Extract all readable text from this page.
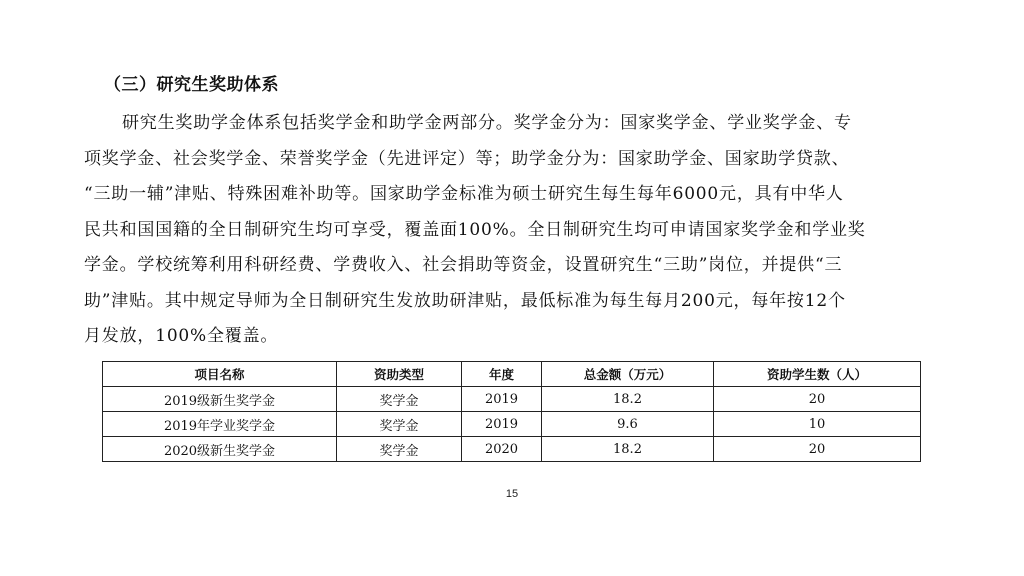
（三）研究生奖助体系
研究生奖助学金体系包括奖学金和助学金两部分。奖学金分为：国家奖学金、学业奖学金、专
项奖学金、社会奖学金、荣誉奖学金（先进评定）等；助学金分为：国家助学金、国家助学贷款、
“三助一辅”津贴、特殊困难补助等。国家助学金标准为硕士研究生每生每年6000元，具有中华人
民共和国国籍的全日制研究生均可享受，覆盖面100%。全日制研究生均可申请国家奖学金和学业奖
学金。学校统筹利用科研经费、学费收入、社会捐助等资金，设置研究生“三助”岗位，并提供“三
助”津贴。其中规定导师为全日制研究生发放助研津贴，最低标准为每生每月200元，每年按12个
月发放，100%全覆盖。
项目名称	资助类型	年度	总金额（万元）	资助学生数（人）
2019级新生奖学金	奖学金	2019	18.2	20
2019年学业奖学金	奖学金	2019	9.6	10
2020级新生奖学金	奖学金	2020	18.2	20
15
